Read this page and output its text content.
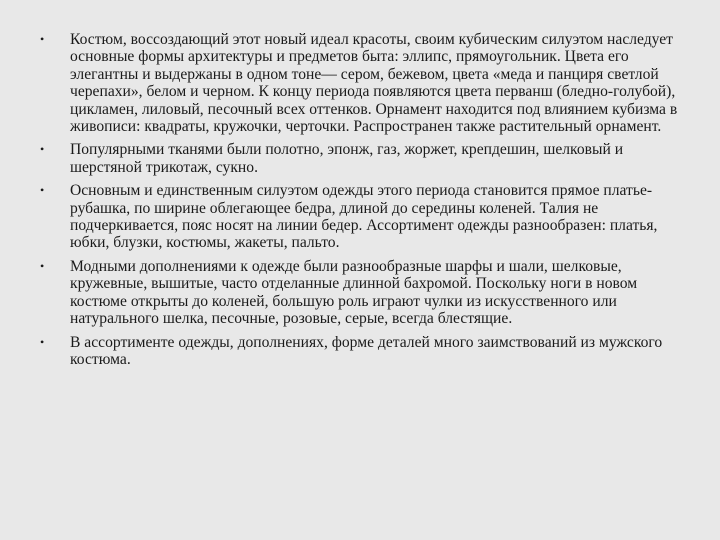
• Костюм, воссоздающий этот новый идеал красоты, своим кубическим силуэтом наследует основные формы архитектуры и предметов быта: эллипс, прямоугольник. Цвета его элегантны и выдержаны в одном тоне— сером, бежевом, цвета «меда и панциря светлой черепахи», белом и черном. К концу периода появляются цвета перванш (бледно-голубой), цикламен, лиловый, песочный всех оттенков. Орнамент находится под влиянием кубизма в живописи: квадраты, кружочки, черточки. Распространен также растительный орнамент.
• Популярными тканями были полотно, эпонж, газ, жоржет, крепдешин, шелковый и шерстяной трикотаж, сукно.
• Основным и единственным силуэтом одежды этого периода становится прямое платье-рубашка, по ширине облегающее бедра, длиной до середины коленей. Талия не подчеркивается, пояс носят на линии бедер. Ассортимент одежды разнообразен: платья, юбки, блузки, костюмы, жакеты, пальто.
• Модными дополнениями к одежде были разнообразные шарфы и шали, шелковые, кружевные, вышитые, часто отделанные длинной бахромой. Поскольку ноги в новом костюме открыты до коленей, большую роль играют чулки из искусственного или натурального шелка, песочные, розовые, серые, всегда блестящие.
• В ассортименте одежды, дополнениях, форме деталей много заимствований из мужского костюма.
